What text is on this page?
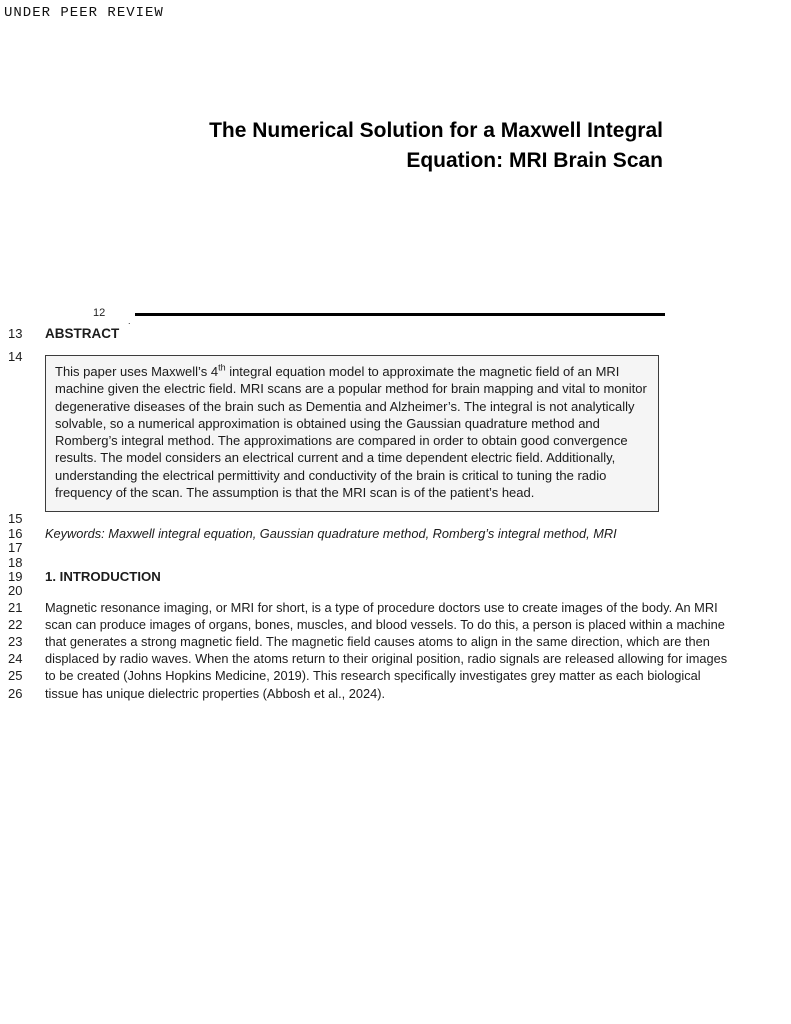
UNDER PEER REVIEW
The Numerical Solution for a Maxwell Integral
Equation: MRI Brain Scan
12
.
13	ABSTRACT
14
This paper uses Maxwell’s 4th integral equation model to approximate the magnetic field of an MRI machine given the electric field. MRI scans are a popular method for brain mapping and vital to monitor degenerative diseases of the brain such as Dementia and Alzheimer’s. The integral is not analytically solvable, so a numerical approximation is obtained using the Gaussian quadrature method and Romberg’s integral method. The approximations are compared in order to obtain good convergence results. The model considers an electrical current and a time dependent electric field. Additionally, understanding the electrical permittivity and conductivity of the brain is critical to tuning the radio frequency of the scan. The assumption is that the MRI scan is of the patient’s head.
15
16	Keywords: Maxwell integral equation, Gaussian quadrature method, Romberg’s integral method, MRI
17
18
19	1. INTRODUCTION
20
21	Magnetic resonance imaging, or MRI for short, is a type of procedure doctors use to create images of the body. An MRI
22	scan can produce images of organs, bones, muscles, and blood vessels. To do this, a person is placed within a machine
23	that generates a strong magnetic field. The magnetic field causes atoms to align in the same direction, which are then
24	displaced by radio waves. When the atoms return to their original position, radio signals are released allowing for images
25	to be created (Johns Hopkins Medicine, 2019). This research specifically investigates grey matter as each biological
26	tissue has unique dielectric properties (Abbosh et al., 2024).
